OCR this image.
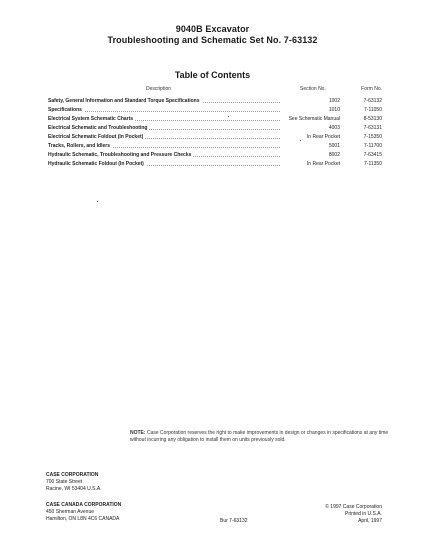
9040B Excavator
Troubleshooting and Schematic Set No. 7-63132
Table of Contents
Description	Section No.	Form No.
Safety, General Information and Standard Torque Specifications	1002	7-63132
Specifications	1010	7-11050
Electrical System Schematic Charts	See Schematic Manual	8-53130
Electrical Schematic and Troubleshooting	4003	7-63131
Electrical Schematic Foldout (In Pocket)	In Rear Pocket	7-15350
Tracks, Rollers, and Idlers	5001	7-11700
Hydraulic Schematic, Troubleshooting and Pressure Checks	8002	7-63415
Hydraulic Schematic Foldout (In Pocket)	In Rear Pocket	7-11350
NOTE: Case Corporation reserves the right to make improvements in design or changes in specifications at any time without incurring any obligation to install them on units previously sold.
CASE CORPORATION
700 State Street
Racine, WI 53404 U.S.A.
CASE CANADA CORPORATION
450 Sherman Avenue
Hamilton, ON L8N 4C6 CANADA	Bur 7-63132
© 1997 Case Corporation
Printed in U.S.A.
April, 1997
